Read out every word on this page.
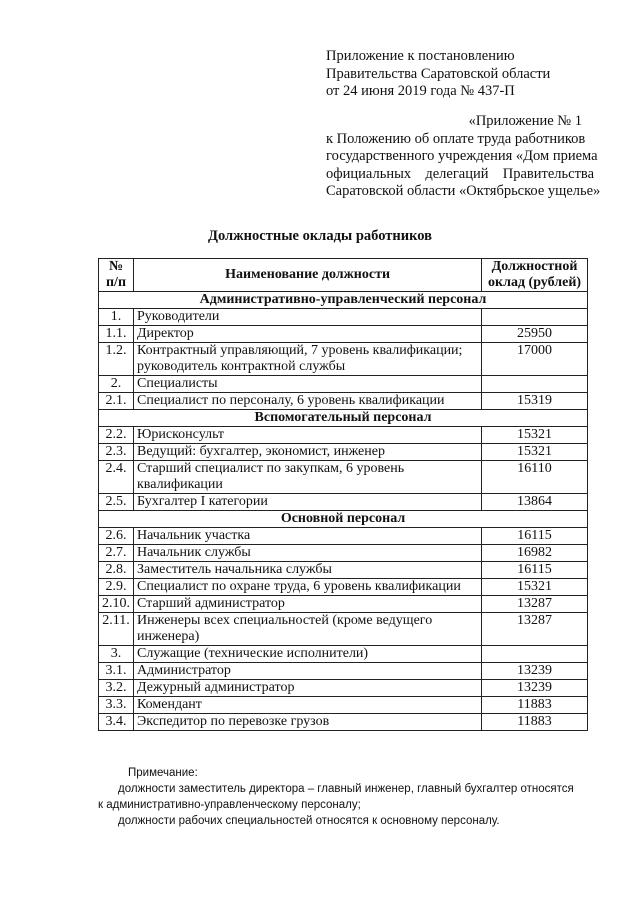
Приложение к постановлению
Правительства Саратовской области
от 24 июня 2019 года № 437-П
«Приложение № 1
к Положению об оплате труда работников
государственного учреждения «Дом приема
официальных делегаций Правительства
Саратовской области «Октябрьское ущелье»
Должностные оклады работников
№ п/п	Наименование должности	Должностной оклад (рублей)
Административно-управленческий персонал		
1.	Руководители	
1.1.	Директор	25950
1.2.	Контрактный управляющий, 7 уровень квалификации; руководитель контрактной службы	17000
2.	Специалисты	
2.1.	Специалист по персоналу, 6 уровень квалификации	15319
Вспомогательный персонал		
2.2.	Юрисконсульт	15321
2.3.	Ведущий: бухгалтер, экономист, инженер	15321
2.4.	Старший специалист по закупкам, 6 уровень квалификации	16110
2.5.	Бухгалтер I категории	13864
Основной персонал		
2.6.	Начальник участка	16115
2.7.	Начальник службы	16982
2.8.	Заместитель начальника службы	16115
2.9.	Специалист по охране труда, 6 уровень квалификации	15321
2.10.	Старший администратор	13287
2.11.	Инженеры всех специальностей (кроме ведущего инженера)	13287
3.	Служащие (технические исполнители)	
3.1.	Администратор	13239
3.2.	Дежурный администратор	13239
3.3.	Комендант	11883
3.4.	Экспедитор по перевозке грузов	11883
Примечание:
должности заместитель директора – главный инженер, главный бухгалтер относятся
к административно-управленческому персоналу;
должности рабочих специальностей относятся к основному персоналу.
